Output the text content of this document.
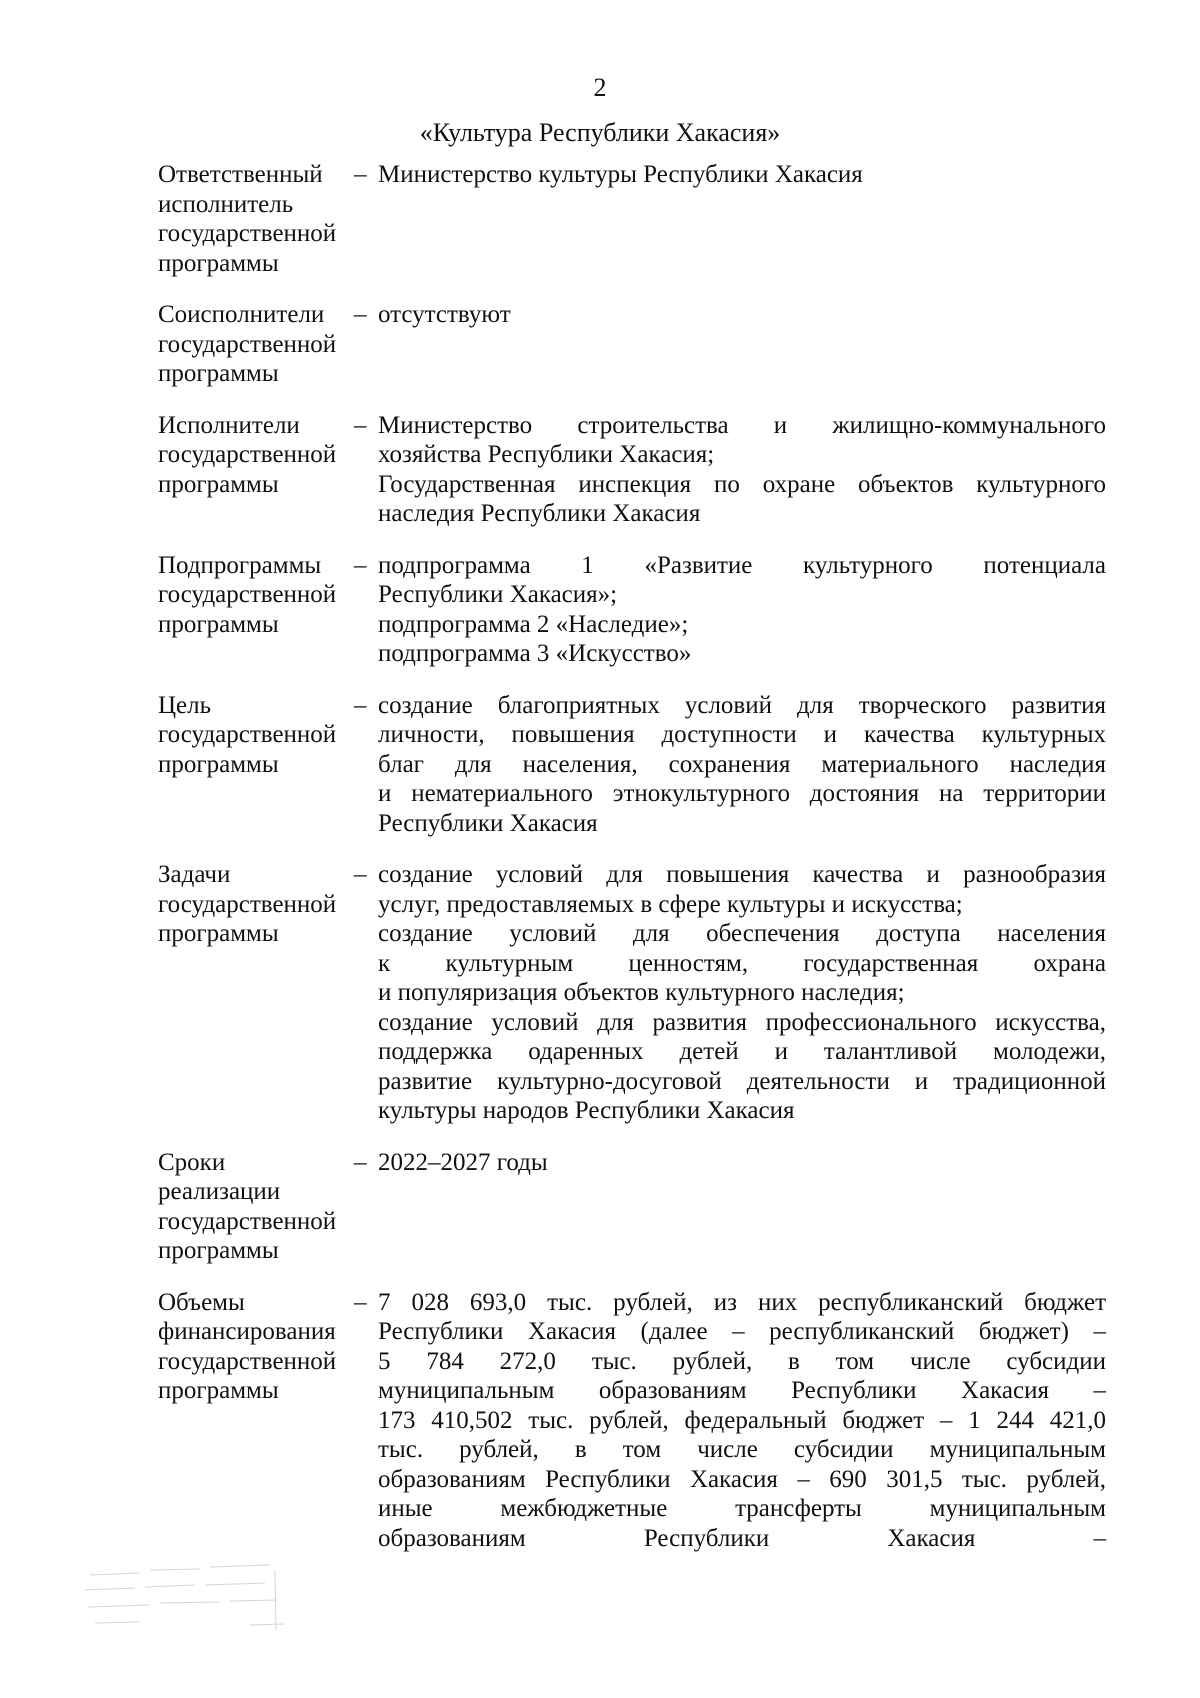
2
«Культура Республики Хакасия»
Ответственный
исполнитель
государственной
программы
– Министерство культуры Республики Хакасия
Соисполнители
государственной
программы
– отсутствуют
Исполнители
государственной
программы
– Министерство строительства и жилищно-коммунального
хозяйства Республики Хакасия;
Государственная инспекция по охране объектов культурного
наследия Республики Хакасия
Подпрограммы
государственной
программы
– подпрограмма 1 «Развитие культурного потенциала
Республики Хакасия»;
подпрограмма 2 «Наследие»;
подпрограмма 3 «Искусство»
Цель
государственной
программы
– создание благоприятных условий для творческого развития
личности, повышения доступности и качества культурных
благ для населения, сохранения материального наследия
и нематериального этнокультурного достояния на территории
Республики Хакасия
Задачи
государственной
программы
– создание условий для повышения качества и разнообразия
услуг, предоставляемых в сфере культуры и искусства;
создание условий для обеспечения доступа населения
к культурным ценностям, государственная охрана
и популяризация объектов культурного наследия;
создание условий для развития профессионального искусства,
поддержка одаренных детей и талантливой молодежи,
развитие культурно-досуговой деятельности и традиционной
культуры народов Республики Хакасия
Сроки
реализации
государственной
программы
– 2022–2027 годы
Объемы
финансирования
государственной
программы
– 7 028 693,0 тыс. рублей, из них республиканский бюджет
Республики Хакасия (далее – республиканский бюджет) –
5 784 272,0 тыс. рублей, в том числе субсидии
муниципальным образованиям Республики Хакасия –
173 410,502 тыс. рублей, федеральный бюджет – 1 244 421,0
тыс. рублей, в том числе субсидии муниципальным
образованиям Республики Хакасия – 690 301,5 тыс. рублей,
иные межбюджетные трансферты муниципальным
образованиям Республики Хакасия –
